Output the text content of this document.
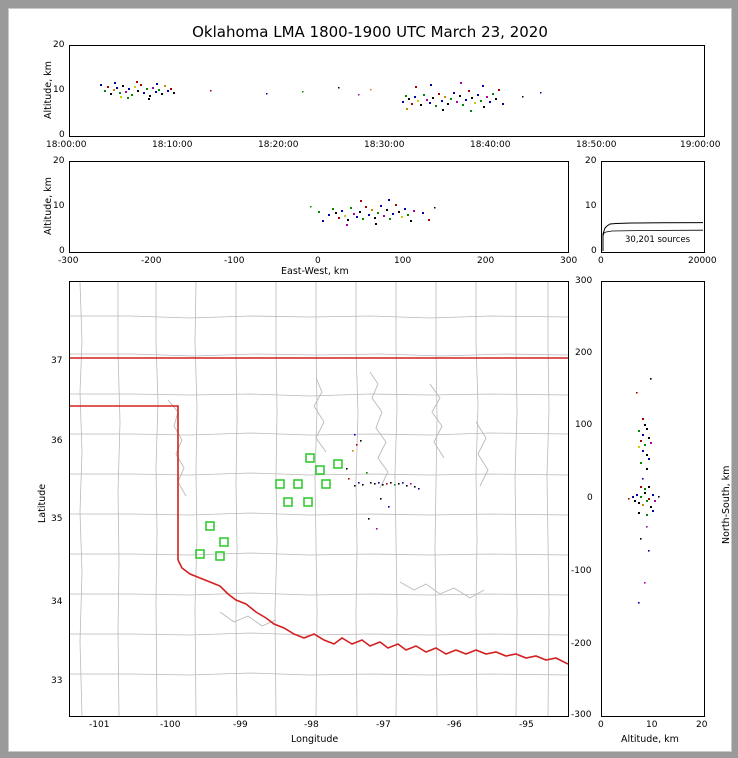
Oklahoma LMA 1800-1900 UTC March 23, 2020
20
10
0
Altitude, km
18:00:00	18:10:00	18:20:00	18:30:00	18:40:00	18:50:00	19:00:00
20
10
0
Altitude, km
-300	-200	-100	0	100	200	300
East-West, km
30,201 sources
20
10
0
0	20000
37
36
35
34
33
Latitude
-101	-100	-99	-98	-97	-96	-95
Longitude
300
200
100
0
-100
-200
-300
0	10	20
Altitude, km
North-South, km
